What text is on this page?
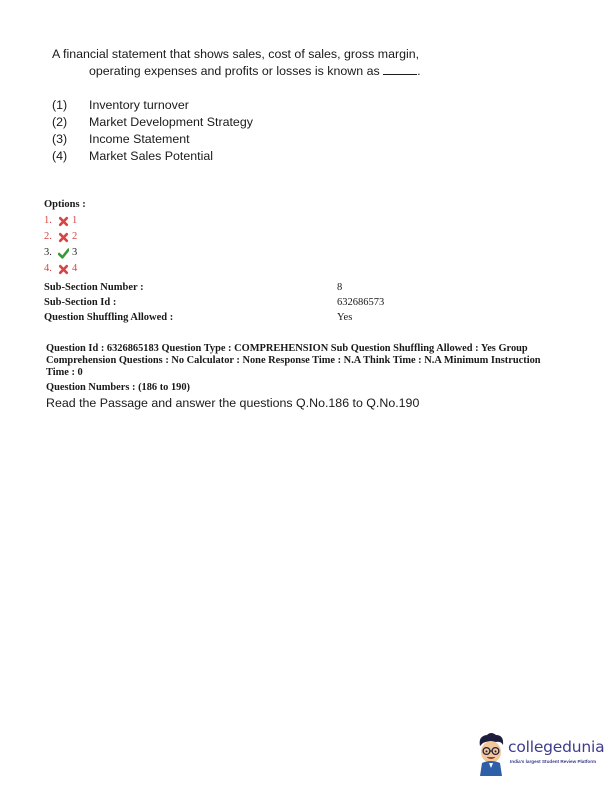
A financial statement that shows sales, cost of sales, gross margin,
operating expenses and profits or losses is known as	.
(1)	Inventory turnover
(2)	Market Development Strategy
(3)	Income Statement
(4)	Market Sales Potential
Options :
1.	1
2.	2
3.	3
4.	4
Sub-Section Number :	8
Sub-Section Id :	632686573
Question Shuffling Allowed :	Yes
Question Id : 6326865183 Question Type : COMPREHENSION Sub Question Shuffling Allowed : Yes Group
Comprehension Questions : No Calculator : None Response Time : N.A Think Time : N.A Minimum Instruction
Time : 0
Question Numbers : (186 to 190)
Read the Passage and answer the questions Q.No.186 to Q.No.190
collegedunia
India's largest Student Review Platform
